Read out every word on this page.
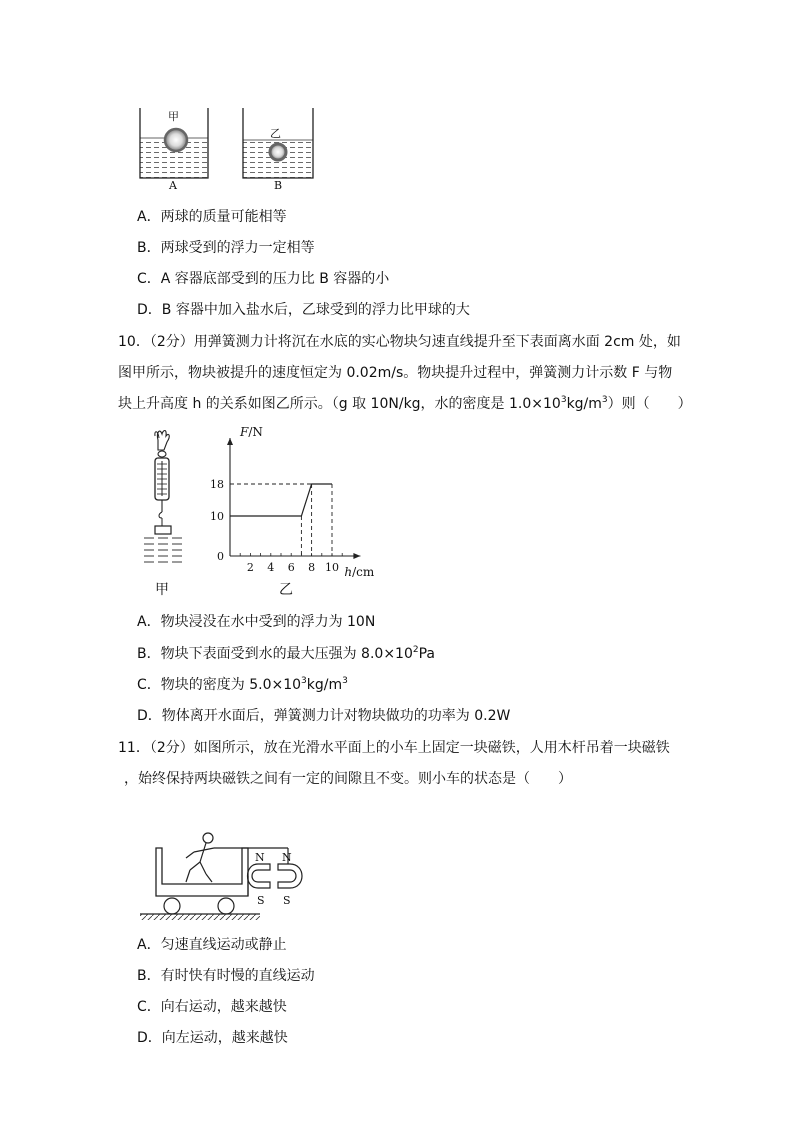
甲
乙
A	B
A．两球的质量可能相等
B．两球受到的浮力一定相等
C．A 容器底部受到的压力比 B 容器的小
D．B 容器中加入盐水后，乙球受到的浮力比甲球的大
10．（2分）用弹簧测力计将沉在水底的实心物块匀速直线提升至下表面离水面 2cm 处，如
图甲所示，物块被提升的速度恒定为 0.02m/s。物块提升过程中，弹簧测力计示数 F 与物
块上升高度 h 的关系如图乙所示。（g 取 10N/kg，水的密度是 $1.0\times 10^3kg/m^3$）则（　　）
甲
2 4 6 8 10
0
10
18
F/N
h/cm
乙
A．物块浸没在水中受到的浮力为 10N
B．物块下表面受到水的最大压强为 $8.0\times 10^2Pa$
C．物块的密度为 $5.0\times 10^3kg/m^3$
D．物体离开水面后，弹簧测力计对物块做功的功率为 0.2W
11．（2分）如图所示，放在光滑水平面上的小车上固定一块磁铁，人用木杆吊着一块磁铁
，始终保持两块磁铁之间有一定的间隙且不变。则小车的状态是（　　）
N N
S S
A．匀速直线运动或静止
B．有时快有时慢的直线运动
C．向右运动，越来越快
D．向左运动，越来越快
